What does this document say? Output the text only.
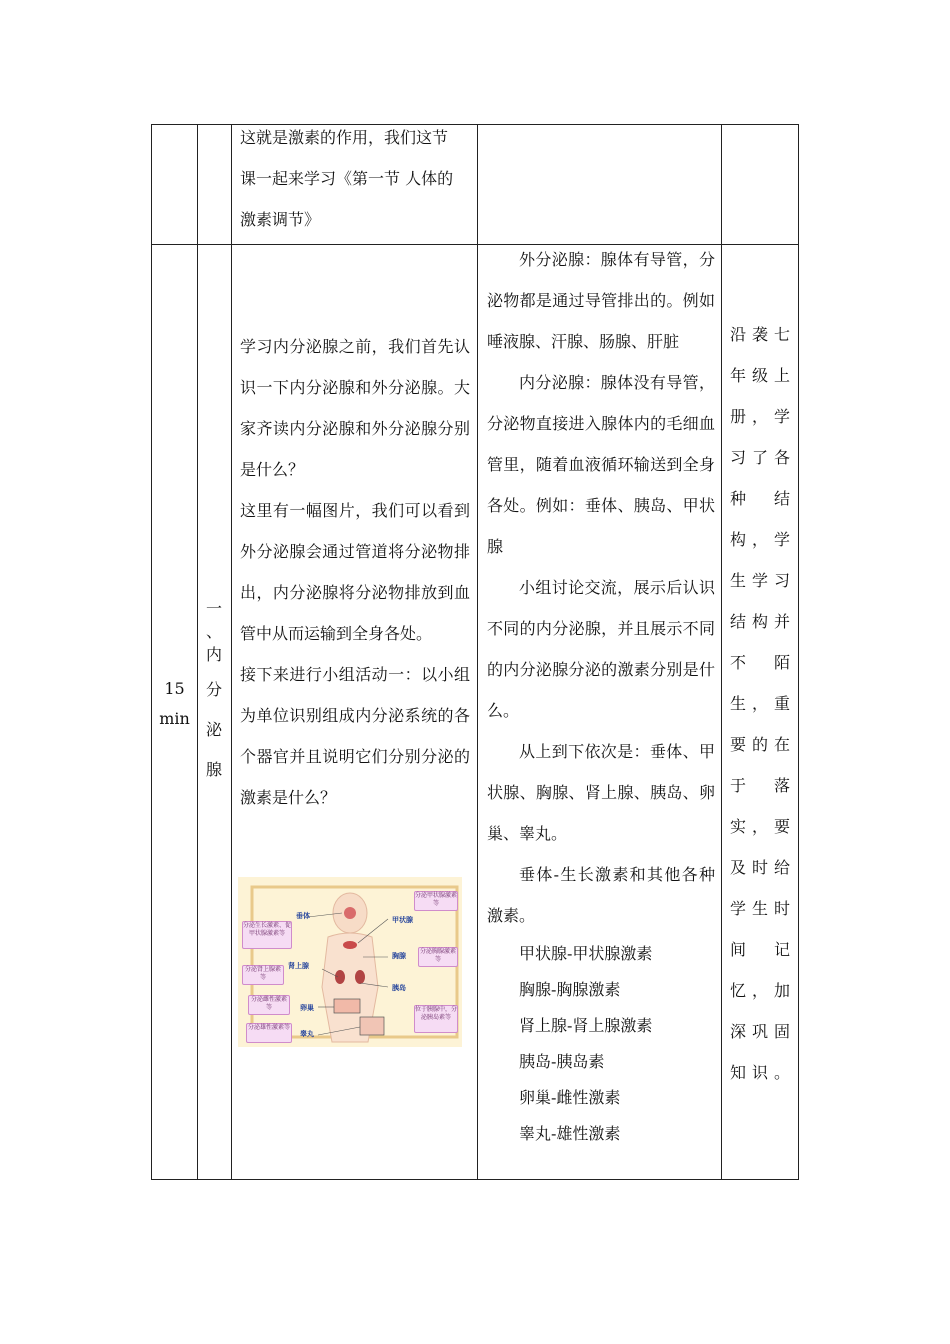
这就是激素的作用，我们这节

课一起来学习《第一节 人体的

激素调节》

15
min
一
、
内
分
泌
腺

学习内分泌腺之前，我们首先认识一下内分泌腺和外分泌腺。大家齐读内分泌腺和外分泌腺分别是什么？

这里有一幅图片，我们可以看到外分泌腺会通过管道将分泌物排出，内分泌腺将分泌物排放到血管中从而运输到全身各处。

接下来进行小组活动一：以小组为单位识别组成内分泌系统的各个器官并且说明它们分别分泌的激素是什么？

垂体	甲状腺
肾上腺
胸腺
胰岛
卵巢
睾丸
分泌甲状腺激素等
分泌生长激素、促甲状腺激素等
分泌胸腺激素等
分泌肾上腺素等
分泌雌性激素等	位于胰腺中，分泌胰岛素等
分泌雄性激素等

外分泌腺：腺体有导管，分泌物都是通过导管排出的。例如唾液腺、汗腺、肠腺、肝脏

内分泌腺：腺体没有导管，分泌物直接进入腺体内的毛细血管里，随着血液循环输送到全身各处。例如：垂体、胰岛、甲状腺

小组讨论交流，展示后认识不同的内分泌腺，并且展示不同的内分泌腺分泌的激素分别是什么。

从上到下依次是：垂体、甲状腺、胸腺、肾上腺、胰岛、卵巢、睾丸。

垂体-生长激素和其他各种激素。

甲状腺-甲状腺激素

胸腺-胸腺激素

肾上腺-肾上腺激素

胰岛-胰岛素

卵巢-雌性激素

睾丸-雄性激素

沿袭七
年级上
册，学
习了各
种 结
构，学
生学习
结构并
不 陌
生，重
要的在
于 落
实，要
及时给
学生时
间 记
忆，加
深巩固
知识。
